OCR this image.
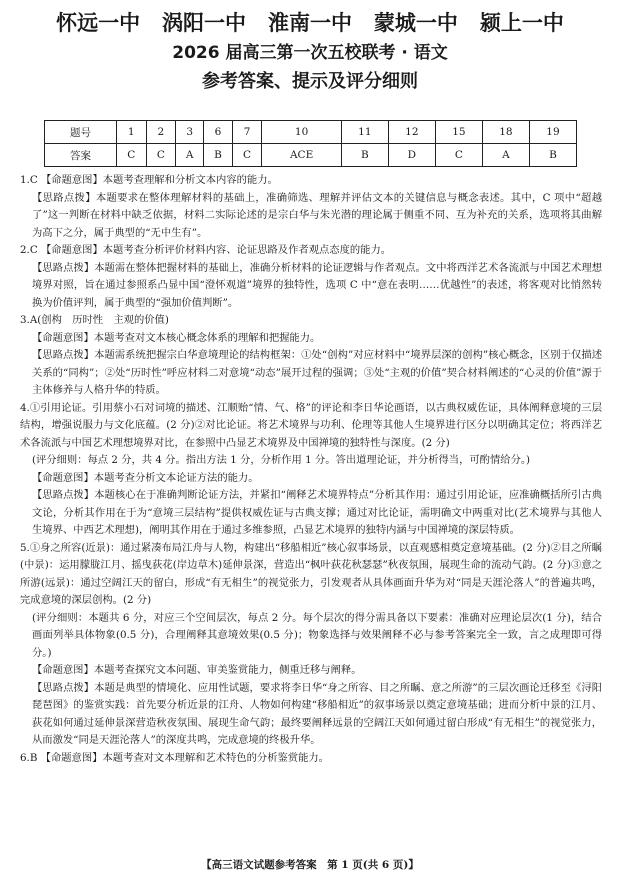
怀远一中   涡阳一中   淮南一中   蒙城一中   颍上一中
2026 届高三第一次五校联考 · 语文
参考答案、提示及评分细则
题号	1	2	3	6	7	10	11	12	15	18	19
答案	C	C	A	B	C	ACE	B	D	C	A	B

1.C 【命题意图】本题考查理解和分析文本内容的能力。

【思路点拨】本题要求在整体理解材料的基础上，准确筛选、理解并评估文本的关键信息与概念表述。其中，C 项中“超越了”这一判断在材料中缺乏依据，材料二实际论述的是宗白华与朱光潜的理论属于侧重不同、互为补充的关系，选项将其曲解为高下之分，属于典型的“无中生有”。

2.C 【命题意图】本题考查分析评价材料内容、论证思路及作者观点态度的能力。

【思路点拨】本题需在整体把握材料的基础上，准确分析材料的论证逻辑与作者观点。文中将西洋艺术各流派与中国艺术理想境界对照，旨在通过参照系凸显中国“澄怀观道”境界的独特性，选项 C 中“意在表明……优越性”的表述，将客观对比悄然转换为价值评判，属于典型的“强加价值判断”。

3.A(创构　历时性　主观的价值)

【命题意图】本题考查对文本核心概念体系的理解和把握能力。

【思路点拨】本题需系统把握宗白华意境理论的结构框架：①处“创构”对应材料中“境界层深的创构”核心概念，区别于仅描述关系的“同构”；②处“历时性”呼应材料二对意境“动态”展开过程的强调；③处“主观的价值”契合材料阐述的“心灵的价值”源于主体修养与人格升华的特质。

4.①引用论证。引用蔡小石对词境的描述、江顺贻“情、气、格”的评论和李日华论画语，以古典权威佐证，具体阐释意境的三层结构，增强说服力与文化底蕴。(2 分)②对比论证。将艺术境界与功利、伦理等其他人生境界进行区分以明确其定位；将西洋艺术各流派与中国艺术理想境界对比，在参照中凸显艺术境界及中国禅境的独特性与深度。(2 分)

(评分细则：每点 2 分，共 4 分。指出方法 1 分，分析作用 1 分。答出道理论证，并分析得当，可酌情给分。)

【命题意图】本题考查分析文本论证方法的能力。

【思路点拨】本题核心在于准确判断论证方法，并紧扣“阐释艺术境界特点”分析其作用：通过引用论证，应准确概括所引古典文论，分析其作用在于为“意境三层结构”提供权威佐证与古典支撑；通过对比论证，需明确文中两重对比(艺术境界与其他人生境界、中西艺术理想)，阐明其作用在于通过多维参照，凸显艺术境界的独特内涵与中国禅境的深层特质。

5.①身之所容(近景)：通过紧凑布局江舟与人物，构建出“移船相近”核心叙事场景，以直观感相奠定意境基础。(2 分)②目之所瞩(中景)：运用朦胧江月、摇曳荻花(岸边草木)延伸景深，营造出“枫叶荻花秋瑟瑟”秋夜氛围，展现生命的流动气韵。(2 分)③意之所游(远景)：通过空阔江天的留白，形成“有无相生”的视觉张力，引发观者从具体画面升华为对“同是天涯沦落人”的普遍共鸣，完成意境的深层创构。(2 分)

(评分细则：本题共 6 分，对应三个空间层次，每点 2 分。每个层次的得分需具备以下要素：准确对应理论层次(1 分)，结合画面列举具体物象(0.5 分)，合理阐释其意境效果(0.5 分)；物象选择与效果阐释不必与参考答案完全一致，言之成理即可得分。)

【命题意图】本题考查探究文本问题、审美鉴赏能力，侧重迁移与阐释。

【思路点拨】本题是典型的情境化、应用性试题，要求将李日华“身之所容、目之所瞩、意之所游”的三层次画论迁移至《浔阳琵琶图》的鉴赏实践：首先要分析近景的江舟、人物如何构建“移船相近”的叙事场景以奠定意境基础；进而分析中景的江月、荻花如何通过延伸景深营造秋夜氛围、展现生命气韵；最终要阐释远景的空阔江天如何通过留白形成“有无相生”的视觉张力，从而激发“同是天涯沦落人”的深度共鸣，完成意境的终极升华。

6.B 【命题意图】本题考查对文本理解和艺术特色的分析鉴赏能力。

【高三语文试题参考答案　第 1 页(共 6 页)】
